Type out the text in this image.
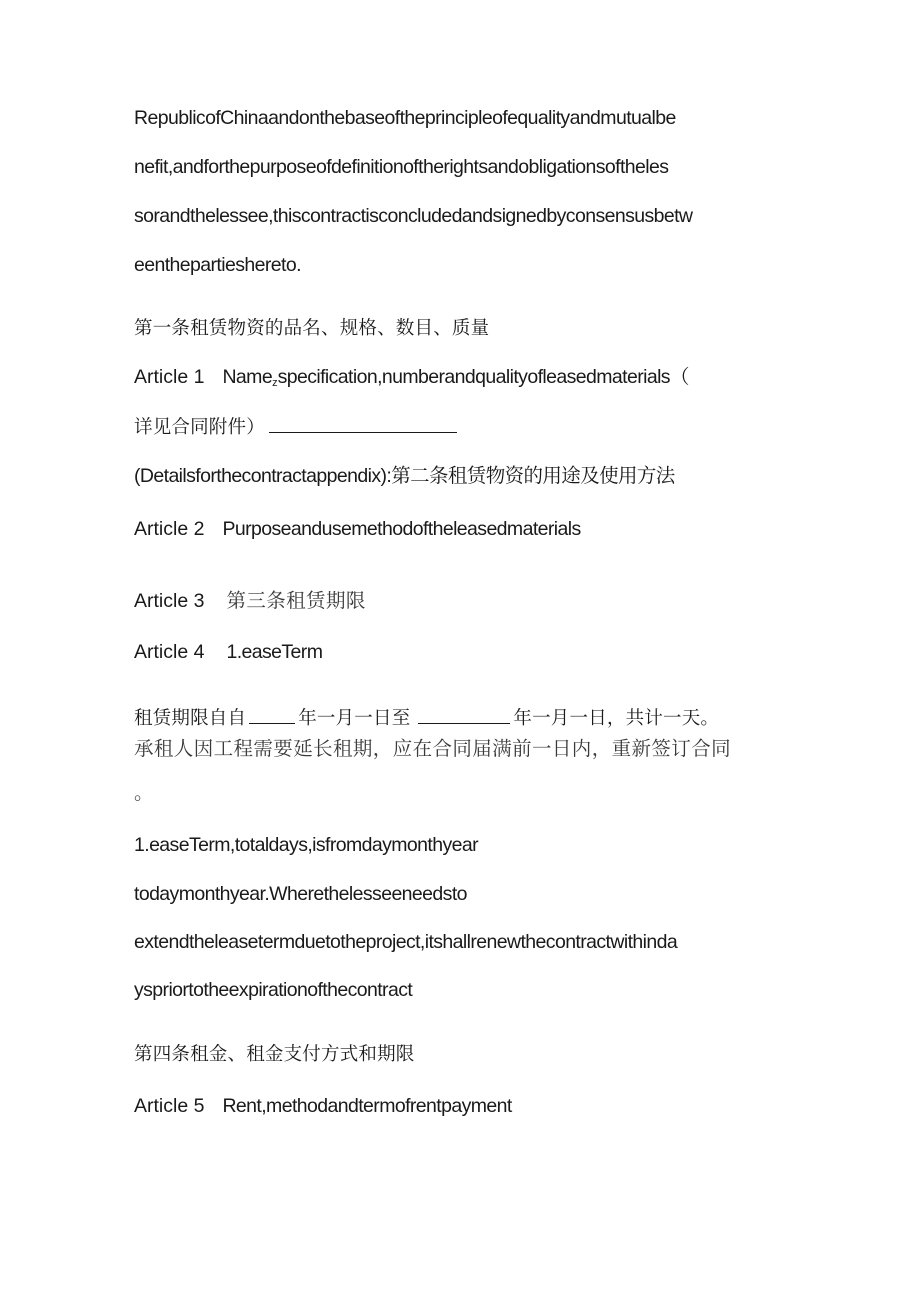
RepublicofChinaandonthebaseoftheprincipleofequalityandmutualbe
nefit,andforthepurposeofdefinitionoftherightsandobligationsoftheles
sorandthelessee,thiscontractisconcludedandsignedbyconsensusbetw
eenthepartieshereto.
第一条租赁物资的品名、规格、数目、质量
Article 1 Name$_z$specification,numberandqualityofleasedmaterials（
详见合同附件）
(Detailsforthecontractappendix):第二条租赁物资的用途及使用方法
Article 2 Purposeandusemethodoftheleasedmaterials
Article 3 第三条租赁期限
Article 4 1.easeTerm
租赁期限自自	年一月一日至	年一月一日，共计一天。
承租人因工程需要延长租期，应在合同届满前一日内，重新签订合同
。
1.easeTerm,totaldays,isfromdaymonthyear
todaymonthyear.Wherethelesseeneedsto
extendtheleasetermduetotheproject,itshallrenewthecontractwithinda
yspriortotheexpirationofthecontract
第四条租金、租金支付方式和期限
Article 5 Rent,methodandtermofrentpayment
